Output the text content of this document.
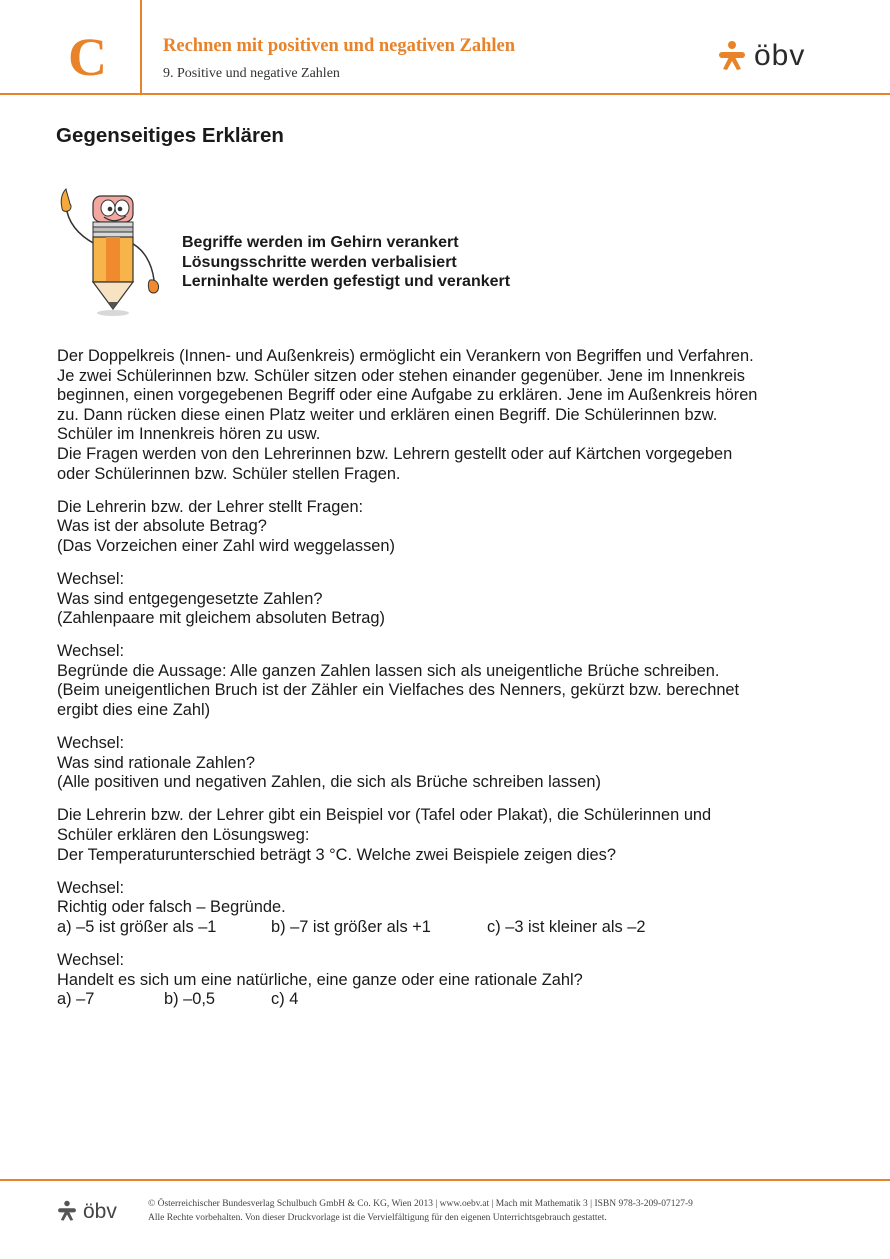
C	Rechnen mit positiven und negativen Zahlen
9. Positive und negative Zahlen
öbv
Gegenseitiges Erklären
Begriffe werden im Gehirn verankert
Lösungsschritte werden verbalisiert
Lerninhalte werden gefestigt und verankert

Der Doppelkreis (Innen- und Außenkreis) ermöglicht ein Verankern von Begriffen und Verfahren.
Je zwei Schülerinnen bzw. Schüler sitzen oder stehen einander gegenüber. Jene im Innenkreis
beginnen, einen vorgegebenen Begriff oder eine Aufgabe zu erklären. Jene im Außenkreis hören
zu. Dann rücken diese einen Platz weiter und erklären einen Begriff. Die Schülerinnen bzw.
Schüler im Innenkreis hören zu usw.
Die Fragen werden von den Lehrerinnen bzw. Lehrern gestellt oder auf Kärtchen vorgegeben
oder Schülerinnen bzw. Schüler stellen Fragen.

Die Lehrerin bzw. der Lehrer stellt Fragen:
Was ist der absolute Betrag?
(Das Vorzeichen einer Zahl wird weggelassen)

Wechsel:
Was sind entgegengesetzte Zahlen?
(Zahlenpaare mit gleichem absoluten Betrag)

Wechsel:
Begründe die Aussage: Alle ganzen Zahlen lassen sich als uneigentliche Brüche schreiben.
(Beim uneigentlichen Bruch ist der Zähler ein Vielfaches des Nenners, gekürzt bzw. berechnet
ergibt dies eine Zahl)

Wechsel:
Was sind rationale Zahlen?
(Alle positiven und negativen Zahlen, die sich als Brüche schreiben lassen)

Die Lehrerin bzw. der Lehrer gibt ein Beispiel vor (Tafel oder Plakat), die Schülerinnen und
Schüler erklären den Lösungsweg:
Der Temperaturunterschied beträgt 3 °C. Welche zwei Beispiele zeigen dies?

Wechsel:
Richtig oder falsch – Begründe.
a) –5 ist größer als –1	b) –7 ist größer als +1	c) –3 ist kleiner als –2

Wechsel:
Handelt es sich um eine natürliche, eine ganze oder eine rationale Zahl?
a) –7	b) –0,5	c) 4

öbv	© Österreichischer Bundesverlag Schulbuch GmbH & Co. KG, Wien 2013 | www.oebv.at | Mach mit Mathematik 3 | ISBN 978-3-209-07127-9
Alle Rechte vorbehalten. Von dieser Druckvorlage ist die Vervielfältigung für den eigenen Unterrichtsgebrauch gestattet.
